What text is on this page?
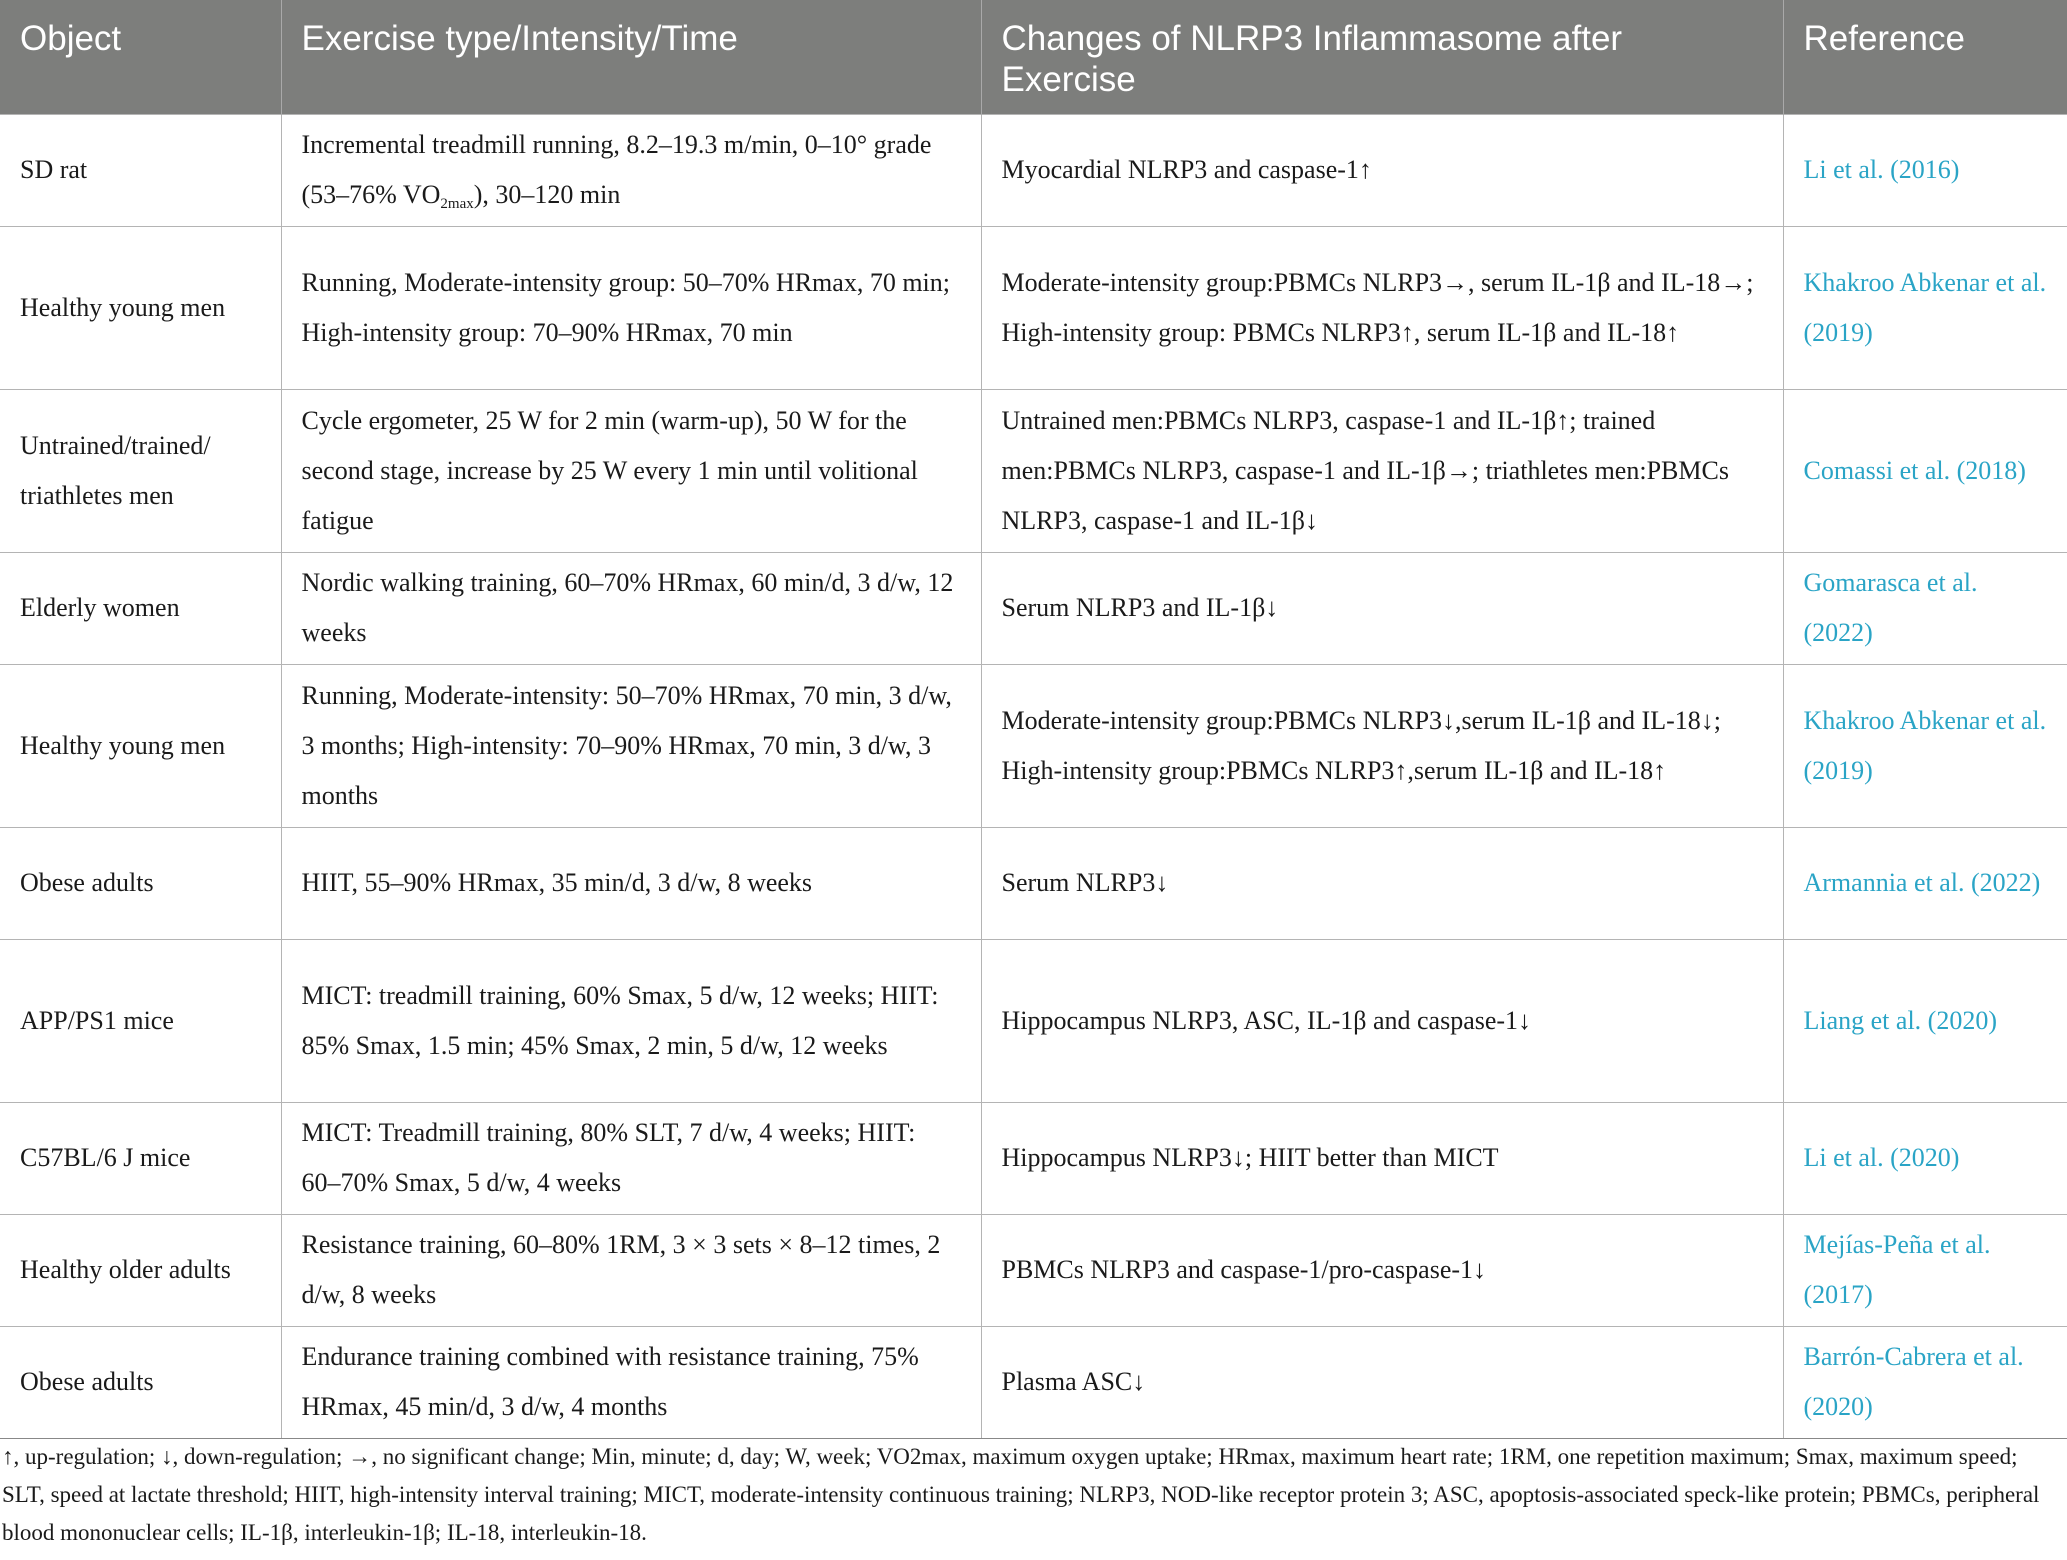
Object	Exercise type/Intensity/Time	Changes of NLRP3 Inflammasome after Exercise	Reference
SD rat	Incremental treadmill running, 8.2–19.3 m/min, 0–10° grade (53–76% $VO_{2max}$), 30–120 min	Myocardial NLRP3 and caspase-1↑	Li et al. (2016)
Healthy young men	Running, Moderate-intensity group: 50–70% HRmax, 70 min; High-intensity group: 70–90% HRmax, 70 min	Moderate-intensity group:PBMCs NLRP3→, serum IL-1β and IL-18→; High-intensity group: PBMCs NLRP3↑, serum IL-1β and IL-18↑	Khakroo Abkenar et al. (2019)
Untrained/trained/ triathletes men	Cycle ergometer, 25 W for 2 min (warm-up), 50 W for the second stage, increase by 25 W every 1 min until volitional fatigue	Untrained men:PBMCs NLRP3, caspase-1 and IL-1β↑; trained men:PBMCs NLRP3, caspase-1 and IL-1β→; triathletes men:PBMCs NLRP3, caspase-1 and IL-1β↓	Comassi et al. (2018)
Elderly women	Nordic walking training, 60–70% HRmax, 60 min/d, 3 d/w, 12 weeks	Serum NLRP3 and IL-1β↓	Gomarasca et al. (2022)
Healthy young men	Running, Moderate-intensity: 50–70% HRmax, 70 min, 3 d/w, 3 months; High-intensity: 70–90% HRmax, 70 min, 3 d/w, 3 months	Moderate-intensity group:PBMCs NLRP3↓,serum IL-1β and IL-18↓; High-intensity group:PBMCs NLRP3↑,serum IL-1β and IL-18↑	Khakroo Abkenar et al. (2019)
Obese adults	HIIT, 55–90% HRmax, 35 min/d, 3 d/w, 8 weeks	Serum NLRP3↓	Armannia et al. (2022)
APP/PS1 mice	MICT: treadmill training, 60% Smax, 5 d/w, 12 weeks; HIIT: 85% Smax, 1.5 min; 45% Smax, 2 min, 5 d/w, 12 weeks	Hippocampus NLRP3, ASC, IL-1β and caspase-1↓	Liang et al. (2020)
C57BL/6 J mice	MICT: Treadmill training, 80% SLT, 7 d/w, 4 weeks; HIIT: 60–70% Smax, 5 d/w, 4 weeks	Hippocampus NLRP3↓; HIIT better than MICT	Li et al. (2020)
Healthy older adults	Resistance training, 60–80% 1RM, 3 × 3 sets × 8–12 times, 2 d/w, 8 weeks	PBMCs NLRP3 and caspase-1/pro-caspase-1↓	Mejías-Peña et al. (2017)
Obese adults	Endurance training combined with resistance training, 75% HRmax, 45 min/d, 3 d/w, 4 months	Plasma ASC↓	Barrón-Cabrera et al. (2020)
↑, up-regulation; ↓, down-regulation; →, no significant change; Min, minute; d, day; W, week; VO2max, maximum oxygen uptake; HRmax, maximum heart rate; 1RM, one repetition maximum; Smax, maximum speed; SLT, speed at lactate threshold; HIIT, high-intensity interval training; MICT, moderate-intensity continuous training; NLRP3, NOD-like receptor protein 3; ASC, apoptosis-associated speck-like protein; PBMCs, peripheral blood mononuclear cells; IL-1β, interleukin-1β; IL-18, interleukin-18.
